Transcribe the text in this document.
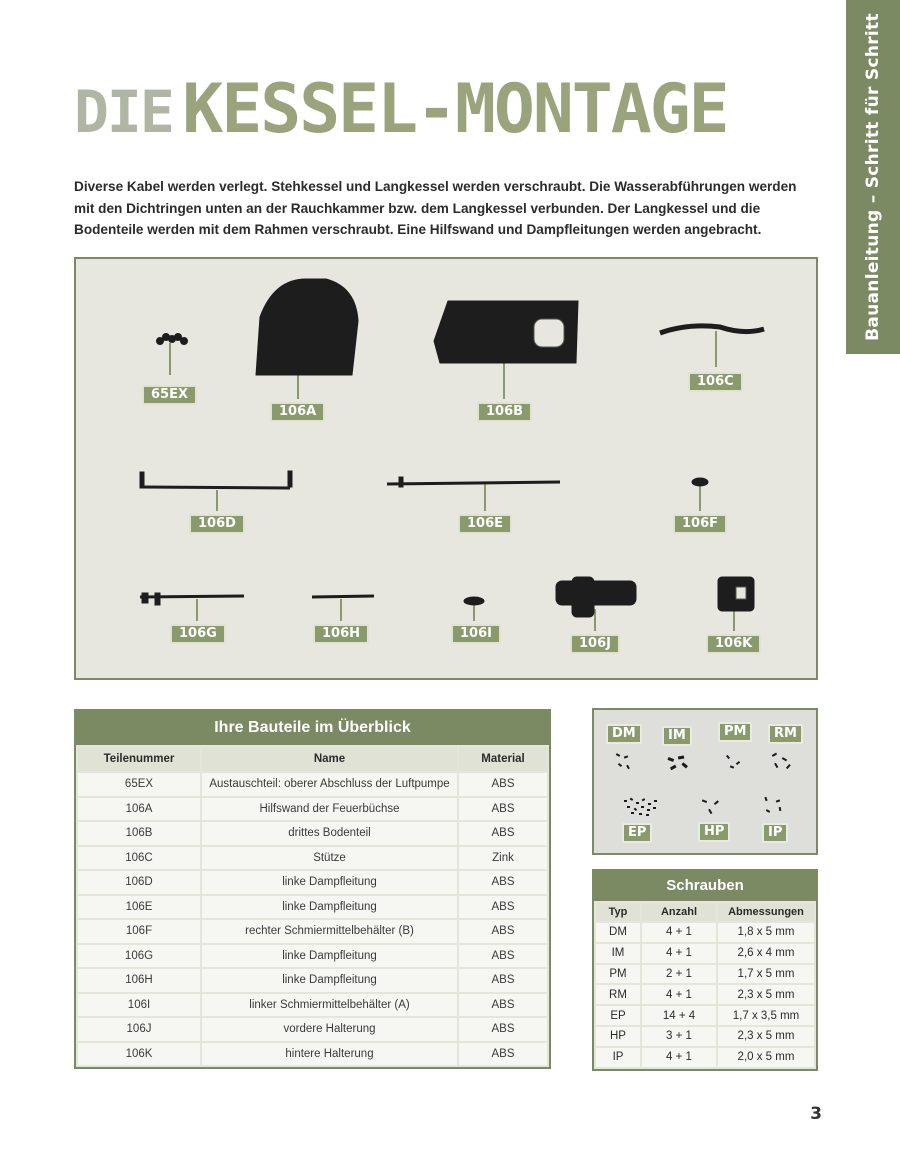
Bauanleitung – Schritt für Schritt
DIE KESSEL-MONTAGE

Diverse Kabel werden verlegt. Stehkessel und Langkessel werden verschraubt. Die Wasserabführungen werden mit den Dichtringen unten an der Rauchkammer bzw. dem Langkessel verbunden. Der Langkessel und die Bodenteile werden mit dem Rahmen verschraubt. Eine Hilfswand und Dampfleitungen werden angebracht.

65EX
106A	106B
106C
106D	106E	106F
106G	106H	106I
106J	106K
Ihre Bauteile im Überblick
Teilenummer	Name	Material
65EX	Austauschteil: oberer Abschluss der Luftpumpe	ABS
106A	Hilfswand der Feuerbüchse	ABS
106B	drittes Bodenteil	ABS
106C	Stütze	Zink
106D	linke Dampfleitung	ABS
106E	linke Dampfleitung	ABS
106F	rechter Schmiermittelbehälter (B)	ABS
106G	linke Dampfleitung	ABS
106H	linke Dampfleitung	ABS
106I	linker Schmiermittelbehälter (A)	ABS
106J	vordere Halterung	ABS
106K	hintere Halterung	ABS
DM	IM	PM	RM
EP	HP	IP
Schrauben
Typ	Anzahl	Abmessungen
DM	4 + 1	1,8 x 5 mm
IM	4 + 1	2,6 x 4 mm
PM	2 + 1	1,7 x 5 mm
RM	4 + 1	2,3 x 5 mm
EP	14 + 4	1,7 x 3,5 mm
HP	3 + 1	2,3 x 5 mm
IP	4 + 1	2,0 x 5 mm
3
